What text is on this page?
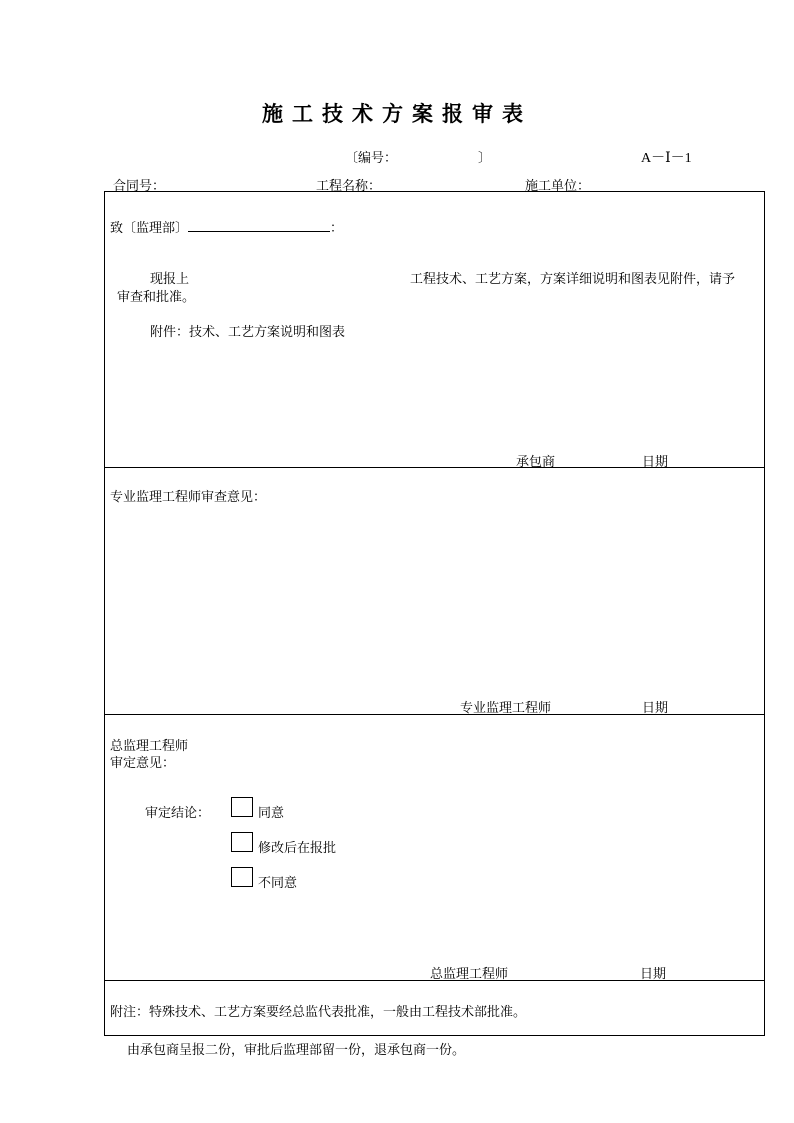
施工技术方案报审表
〔编号：	〕	A－Ⅰ－1
合同号：	工程名称：	施工单位：
致〔监理部〕	：
现报上	工程技术、工艺方案，方案详细说明和图表见附件，请予
审查和批准。
附件：技术、工艺方案说明和图表
承包商	日期
专业监理工程师审查意见：
专业监理工程师	日期
总监理工程师
审定意见：
审定结论：	同意
修改后在报批
不同意
总监理工程师	日期
附注：特殊技术、工艺方案要经总监代表批准，一般由工程技术部批准。
由承包商呈报二份，审批后监理部留一份，退承包商一份。
